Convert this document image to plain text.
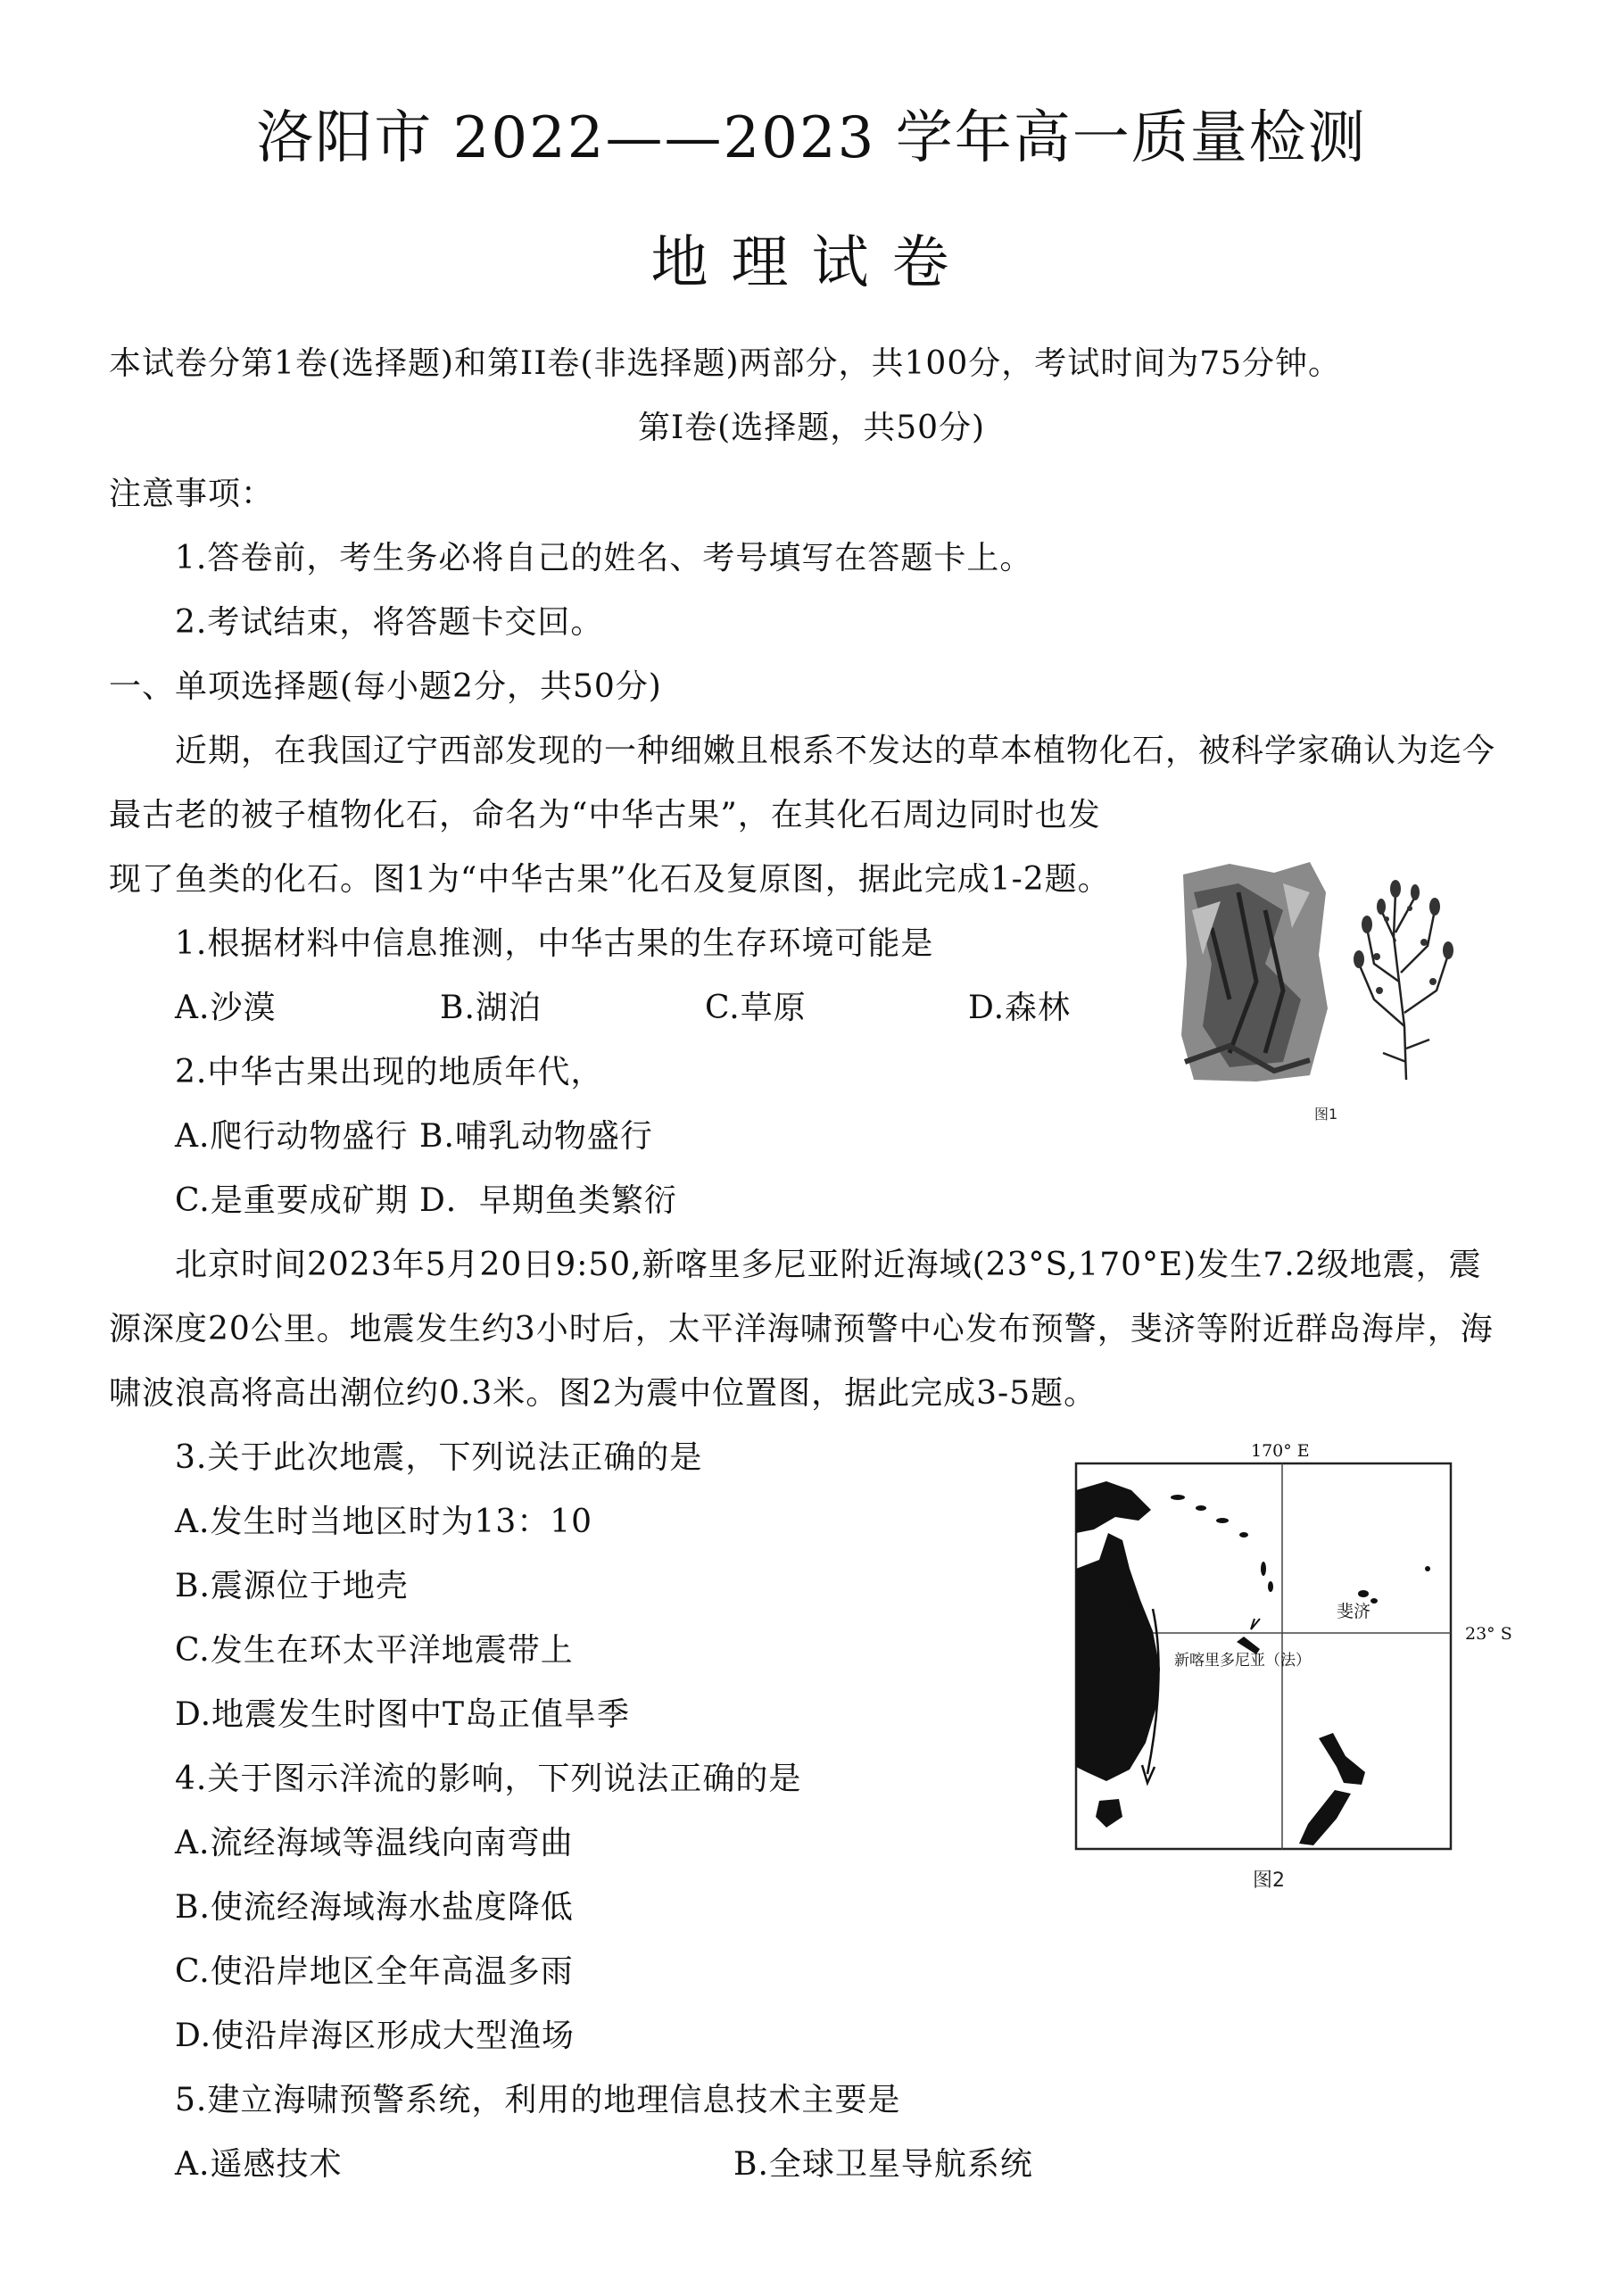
洛阳市 2022——2023 学年高一质量检测
地理试卷
本试卷分第1卷(选择题)和第II卷(非选择题)两部分，共100分，考试时间为75分钟。
第I卷(选择题，共50分)
注意事项：
1.答卷前，考生务必将自己的姓名、考号填写在答题卡上。
2.考试结束，将答题卡交回。
一、单项选择题(每小题2分，共50分)
近期，在我国辽宁西部发现的一种细嫩且根系不发达的草本植物化石，被科学家确认为迄今
最古老的被子植物化石，命名为“中华古果”，在其化石周边同时也发
现了鱼类的化石。图1为“中华古果”化石及复原图，据此完成1-2题。
1.根据材料中信息推测，中华古果的生存环境可能是
A.沙漠	B.湖泊	C.草原	D.森林
2.中华古果出现的地质年代，
A.爬行动物盛行 B.哺乳动物盛行
C.是重要成矿期 D．早期鱼类繁衍
图1
北京时间2023年5月20日9:50,新喀里多尼亚附近海域(23°S,170°E)发生7.2级地震，震
源深度20公里。地震发生约3小时后，太平洋海啸预警中心发布预警，斐济等附近群岛海岸，海
啸波浪高将高出潮位约0.3米。图2为震中位置图，据此完成3-5题。
3.关于此次地震，下列说法正确的是
A.发生时当地区时为13：10
B.震源位于地壳
C.发生在环太平洋地震带上
D.地震发生时图中T岛正值旱季
4.关于图示洋流的影响，下列说法正确的是
A.流经海域等温线向南弯曲
B.使流经海域海水盐度降低
C.使沿岸地区全年高温多雨
D.使沿岸海区形成大型渔场
5.建立海啸预警系统，利用的地理信息技术主要是
A.遥感技术	B.全球卫星导航系统
170° E
23° S
洋流	斐济
新喀里多尼亚（法）
图2
